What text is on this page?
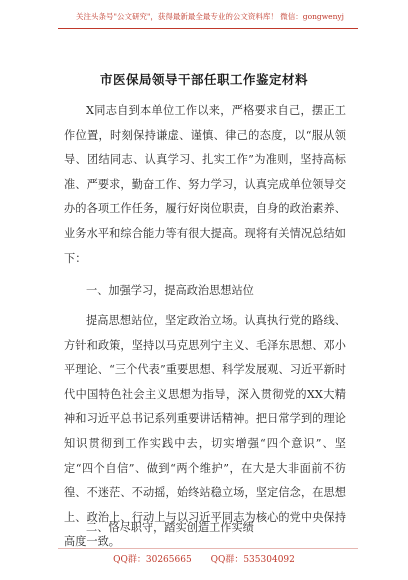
关注头条号"公文研究"，获得最新最全最专业的公文资料库！ 微信：gongwenyj
市医保局领导干部任职工作鉴定材料

X同志自到本单位工作以来，严格要求自己，摆正工作位置，时刻保持谦虚、谨慎、律己的态度，以“服从领导、团结同志、认真学习、扎实工作”为准则，坚持高标准、严要求，勤奋工作、努力学习，认真完成单位领导交办的各项工作任务，履行好岗位职责，自身的政治素养、业务水平和综合能力等有很大提高。现将有关情况总结如下：

一、加强学习，提高政治思想站位

提高思想站位，坚定政治立场。认真执行党的路线、方针和政策，坚持以马克思列宁主义、毛泽东思想、邓小平理论、“三个代表”重要思想、科学发展观、习近平新时代中国特色社会主义思想为指导，深入贯彻党的XX大精神和习近平总书记系列重要讲话精神。把日常学到的理论知识贯彻到工作实践中去，切实增强“四个意识”、坚定“四个自信”、做到“两个维护”，在大是大非面前不彷徨、不迷茫、不动摇，始终站稳立场，坚定信念，在思想上、政治上、行动上与以习近平同志为核心的党中央保持高度一致。

二、恪尽职守，踏实创造工作实绩
QQ群：30265665 QQ群：535304092
